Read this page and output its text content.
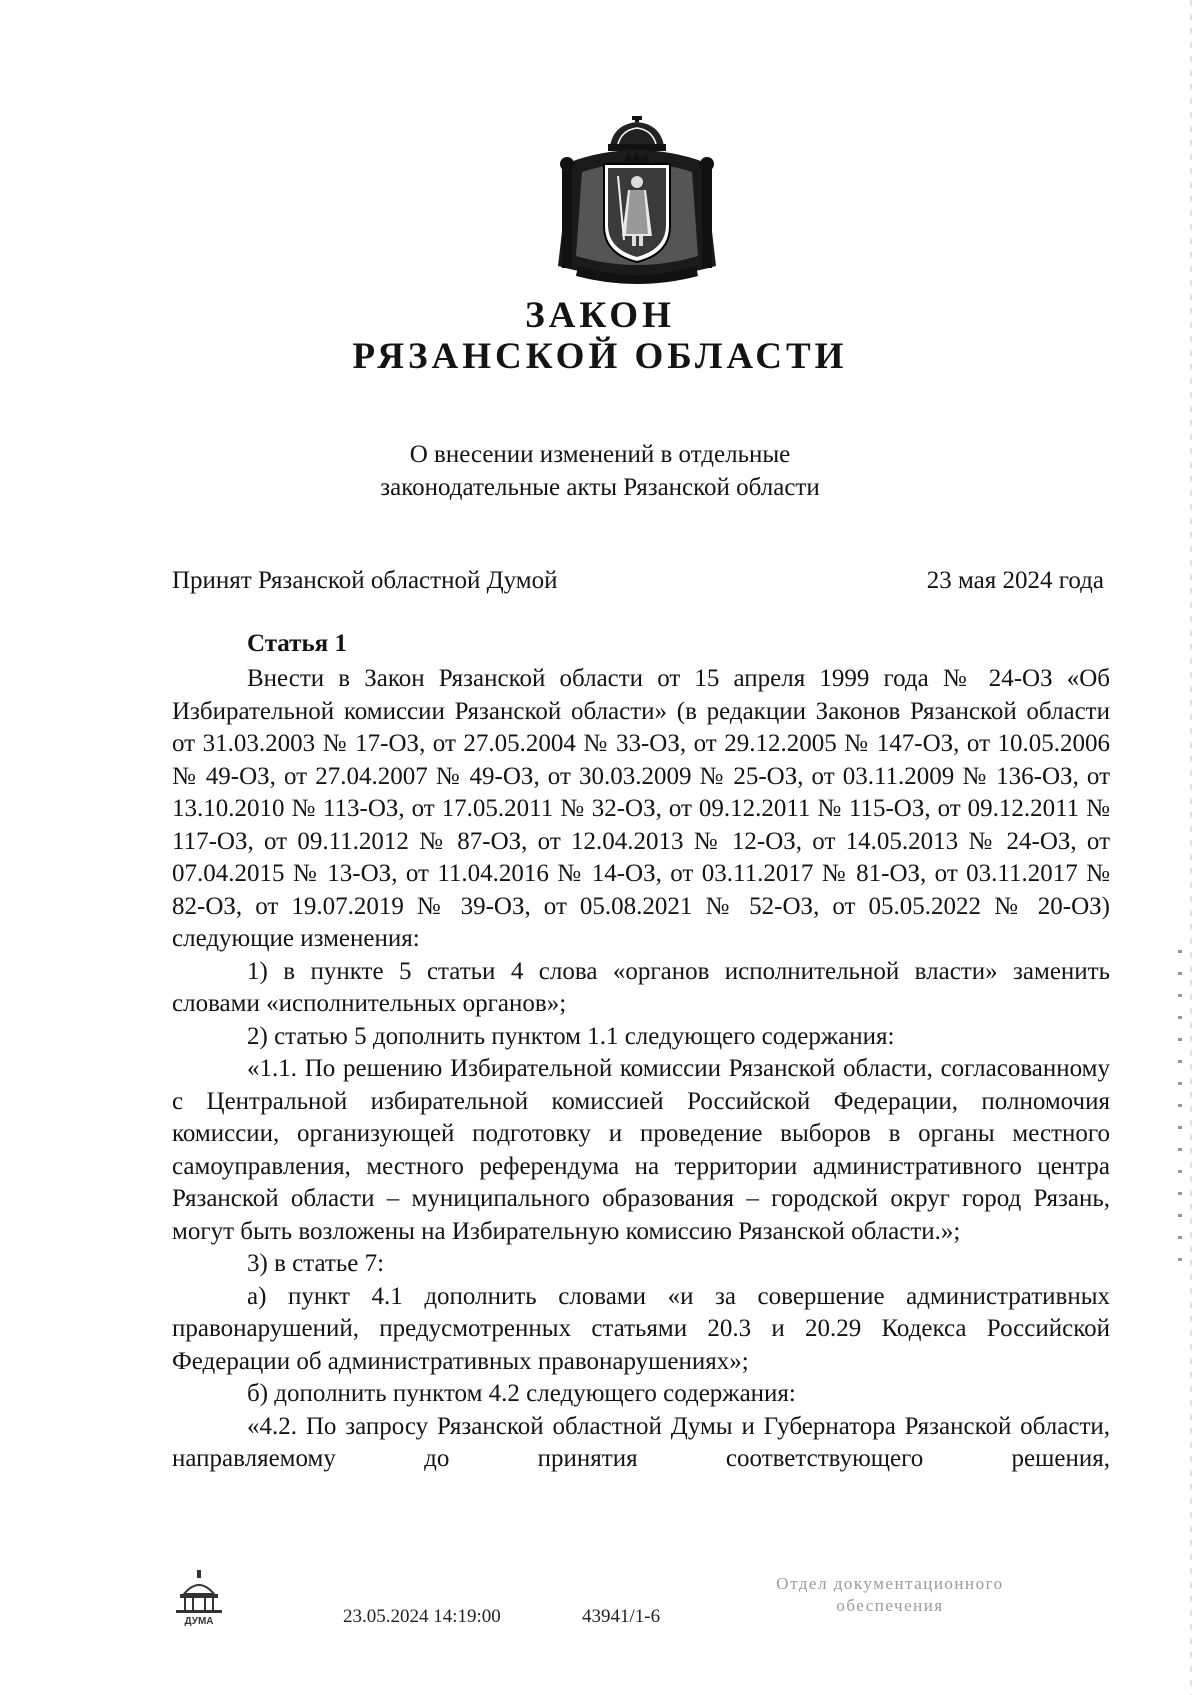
ЗАКОН
РЯЗАНСКОЙ ОБЛАСТИ
О внесении изменений в отдельные
законодательные акты Рязанской области
Принят Рязанской областной Думой	23 мая 2024 года
Статья 1

Внести в Закон Рязанской области от 15 апреля 1999 года № 24-ОЗ «Об Избирательной комиссии Рязанской области» (в редакции Законов Рязанской области от 31.03.2003 № 17-ОЗ, от 27.05.2004 № 33-ОЗ, от 29.12.2005 № 147-ОЗ, от 10.05.2006 № 49-ОЗ, от 27.04.2007 № 49-ОЗ, от 30.03.2009 № 25-ОЗ, от 03.11.2009 № 136-ОЗ, от 13.10.2010 № 113-ОЗ, от 17.05.2011 № 32-ОЗ, от 09.12.2011 № 115-ОЗ, от 09.12.2011 № 117-ОЗ, от 09.11.2012 № 87-ОЗ, от 12.04.2013 № 12-ОЗ, от 14.05.2013 № 24-ОЗ, от 07.04.2015 № 13-ОЗ, от 11.04.2016 № 14-ОЗ, от 03.11.2017 № 81-ОЗ, от 03.11.2017 № 82-ОЗ, от 19.07.2019 № 39-ОЗ, от 05.08.2021 № 52-ОЗ, от 05.05.2022 № 20-ОЗ) следующие изменения:

1) в пункте 5 статьи 4 слова «органов исполнительной власти» заменить словами «исполнительных органов»;

2) статью 5 дополнить пунктом 1.1 следующего содержания:

«1.1. По решению Избирательной комиссии Рязанской области, согласованному с Центральной избирательной комиссией Российской Федерации, полномочия комиссии, организующей подготовку и проведение выборов в органы местного самоуправления, местного референдума на территории административного центра Рязанской области – муниципального образования – городской округ город Рязань, могут быть возложены на Избирательную комиссию Рязанской области.»;

3) в статье 7:

а) пункт 4.1 дополнить словами «и за совершение административных правонарушений, предусмотренных статьями 20.3 и 20.29 Кодекса Российской Федерации об административных правонарушениях»;

б) дополнить пунктом 4.2 следующего содержания:

«4.2. По запросу Рязанской областной Думы и Губернатора Рязанской области, направляемому до принятия соответствующего решения,

ДУМА
Отдел документационного
обеспечения
23.05.2024 14:19:00	43941/1-6
